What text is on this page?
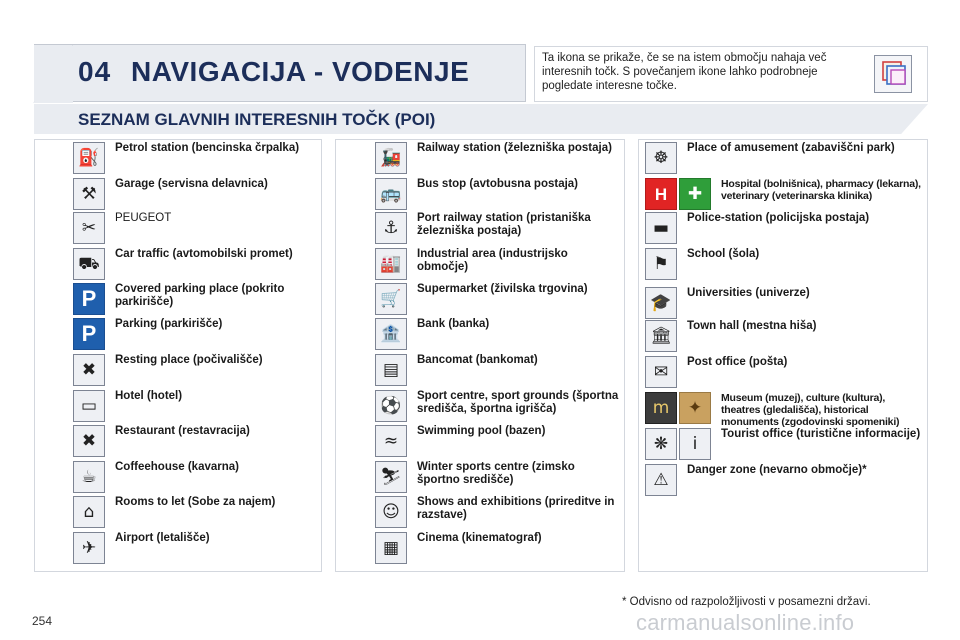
04 NAVIGACIJA - VODENJE	Ta ikona se prikaže, če se na istem območju nahaja več interesnih točk. S povečanjem ikone lahko podrobneje pogledate interesne točke.
SEZNAM GLAVNIH INTERESNIH TOČK (POI)
⛽	Petrol station (bencinska črpalka)
⚒	Garage (servisna delavnica)
✂	PEUGEOT
⛟	Car traffic (avtomobilski promet)
P	Covered parking place (pokrito parkirišče)
P	Parking (parkirišče)
✖	Resting place (počivališče)
▭	Hotel (hotel)
✖	Restaurant (restavracija)
☕	Coffeehouse (kavarna)
⌂	Rooms to let (Sobe za najem)
✈	Airport (letališče)
🚂	Railway station (železniška postaja)
🚌	Bus stop (avtobusna postaja)
⚓	Port railway station (pristaniška železniška postaja)
🏭	Industrial area (industrijsko območje)
🛒	Supermarket (živilska trgovina)
🏦	Bank (banka)
▤	Bancomat (bankomat)
⚽	Sport centre, sport grounds (športna središča, športna igrišča)
≈	Swimming pool (bazen)
⛷	Winter sports centre (zimsko športno središče)
☺	Shows and exhibitions (prireditve in razstave)
▦	Cinema (kinematograf)
☸	Place of amusement (zabaviščni park)
H	✚	Hospital (bolnišnica), pharmacy (lekarna), veterinary (veterinarska klinika)
▬	Police-station (policijska postaja)
⚑	School (šola)
🎓	Universities (univerze)
🏛	Town hall (mestna hiša)
✉	Post office (pošta)
m	✦	Museum (muzej), culture (kultura), theatres (gledališča), historical monuments (zgodovinski spomeniki)
❋	i	Tourist office (turistične informacije)
⚠	Danger zone (nevarno območje)*
* Odvisno od razpoložljivosti v posamezni državi.
254	carmanualsonline.info
